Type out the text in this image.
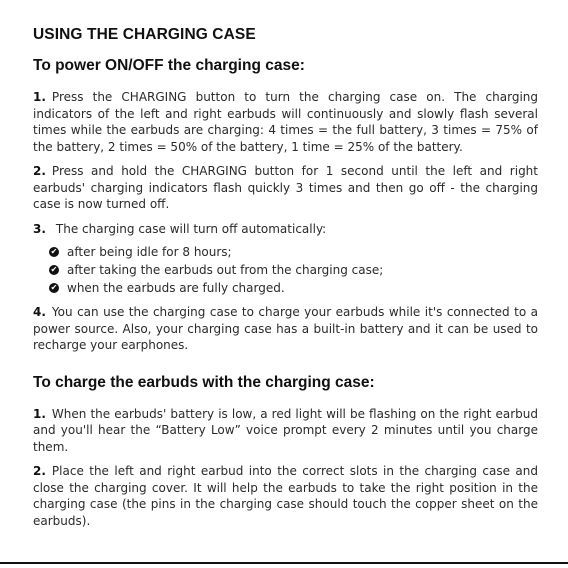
USING THE CHARGING CASE
To power ON/OFF the charging case:

1. Press the CHARGING button to turn the charging case on. The charging indicators of the left and right earbuds will continuously and slowly flash several times while the earbuds are charging: 4 times = the full battery, 3 times = 75% of the battery, 2 times = 50% of the battery, 1 time = 25% of the battery.

2. Press and hold the CHARGING button for 1 second until the left and right earbuds' charging indicators flash quickly 3 times and then go off - the charging case is now turned off.

3. The charging case will turn off automatically:

✔ after being idle for 8 hours;
✔ after taking the earbuds out from the charging case;
✔ when the earbuds are fully charged.

4. You can use the charging case to charge your earbuds while it's connected to a power source. Also, your charging case has a built-in battery and it can be used to recharge your earphones.

To charge the earbuds with the charging case:

1. When the earbuds' battery is low, a red light will be flashing on the right earbud and you'll hear the “Battery Low” voice prompt every 2 minutes until you charge them.

2. Place the left and right earbud into the correct slots in the charging case and close the charging cover. It will help the earbuds to take the right position in the charging case (the pins in the charging case should touch the copper sheet on the earbuds).
